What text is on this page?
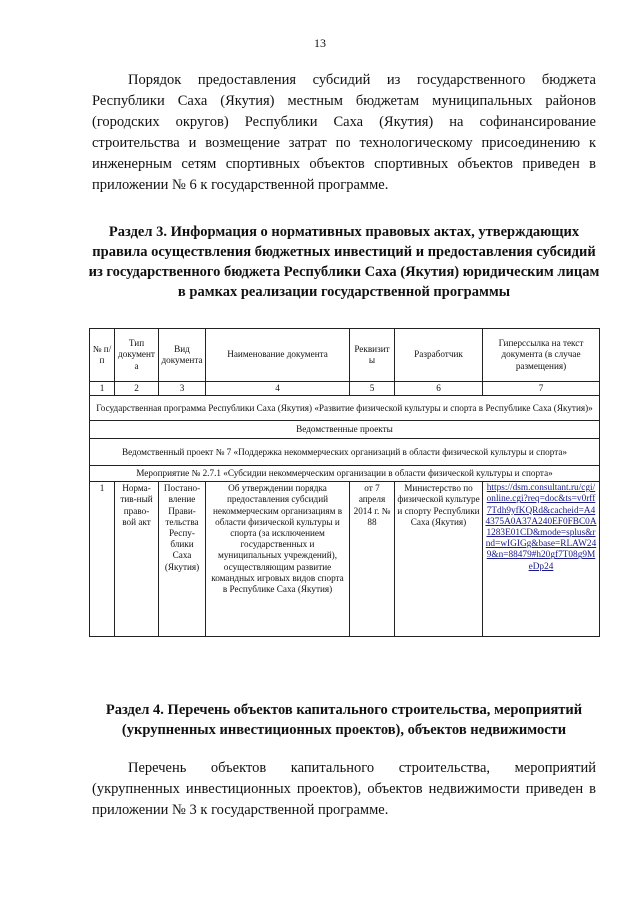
13

Порядок предоставления субсидий из государственного бюджета Республики Саха (Якутия) местным бюджетам муниципальных районов (городских округов) Республики Саха (Якутия) на софинансирование строительства и возмещение затрат по технологическому присоединению к инженерным сетям спортивных объектов спортивных объектов приведен в приложении № 6 к государственной программе.

Раздел 3. Информация о нормативных правовых актах, утверждающих правила осуществления бюджетных инвестиций и предоставления субсидий из государственного бюджета Республики Саха (Якутия) юридическим лицам в рамках реализации государственной программы

№ п/п	Тип документа	Вид документа	Наименование документа	Реквизиты	Разработчик	Гиперссылка на текст документа (в случае размещения)
1	2	3	4	5	6	7
Государственная программа Республики Саха (Якутия) «Развитие физической культуры и спорта в Республике Саха (Якутия)»						
Ведомственные проекты						
Ведомственный проект № 7 «Поддержка некоммерческих организаций в области физической культуры и спорта»						
Мероприятие № 2.7.1 «Субсидии некоммерческим организации в области физической культуры и спорта»						
1	Норма-тив-ный право-вой акт	Постано-вление Прави-тельства Респу-блики Саха (Якутия)	Об утверждении порядка предоставления субсидий некоммерческим организациям в области физической культуры и спорта (за исключением государственных и муниципальных учреждений), осуществляющим развитие командных игровых видов спорта в Республике Саха (Якутия)	от 7 апреля 2014 г. № 88	Министерство по физической культуре и спорту Республики Саха (Якутия)	https://dsm.consultant.ru/cgi/online.cgi?req=doc&ts=v0rff7Tdh9yfKQRd&cacheid=A44375A0A37A240EF0FBC0A1283E01CD&mode=splus&rnd=wIGIGg&base=RLAW249&n=88479#h20gf7T08g9MeDp24

Раздел 4. Перечень объектов капитального строительства, мероприятий (укрупненных инвестиционных проектов), объектов недвижимости

Перечень объектов капитального строительства, мероприятий (укрупненных инвестиционных проектов), объектов недвижимости приведен в приложении № 3 к государственной программе.
